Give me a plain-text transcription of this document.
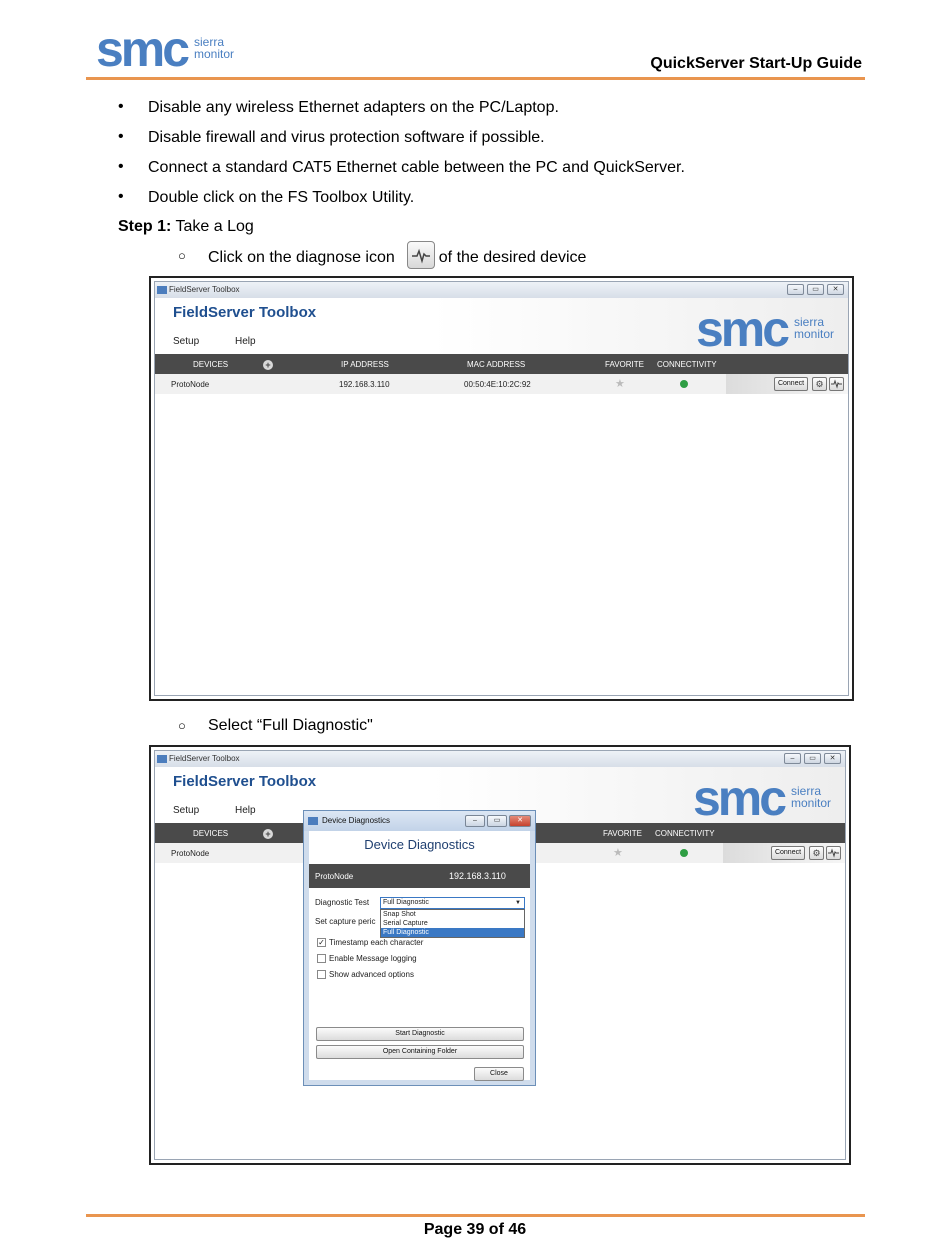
smc sierra
monitor
QuickServer Start-Up Guide
• Disable any wireless Ethernet adapters on the PC/Laptop.
• Disable firewall and virus protection software if possible.
• Connect a standard CAT5 Ethernet cable between the PC and QuickServer.
• Double click on the FS Toolbox Utility.
Step 1: Take a Log
○ Click on the diagnose icon	of the desired device
FieldServer Toolbox	–	▭	✕
FieldServer Toolbox
Setup	Help	smc sierra
monitor
DEVICES	+	IP ADDRESS	MAC ADDRESS	FAVORITE CONNECTIVITY
ProtoNode	192.168.3.110	00:50:4E:10:2C:92	★	Connect	⚙
○ Select “Full Diagnostic"
FieldServer Toolbox	–	▭	✕
FieldServer Toolbox
Setup	Help	smc sierra
monitor
DEVICES	+	FAVORITE CONNECTIVITY
ProtoNode	★	Connect	⚙
Device Diagnostics	–	▭	✕
Device Diagnostics
ProtoNode	192.168.3.110
Diagnostic Test	Full Diagnostic	▼
Set capture peric
Snap Shot
Serial Capture
Full Diagnostic
✓ Timestamp each character
Enable Message logging
Show advanced options
Start Diagnostic
Open Containing Folder
Close
Page 39 of 46
